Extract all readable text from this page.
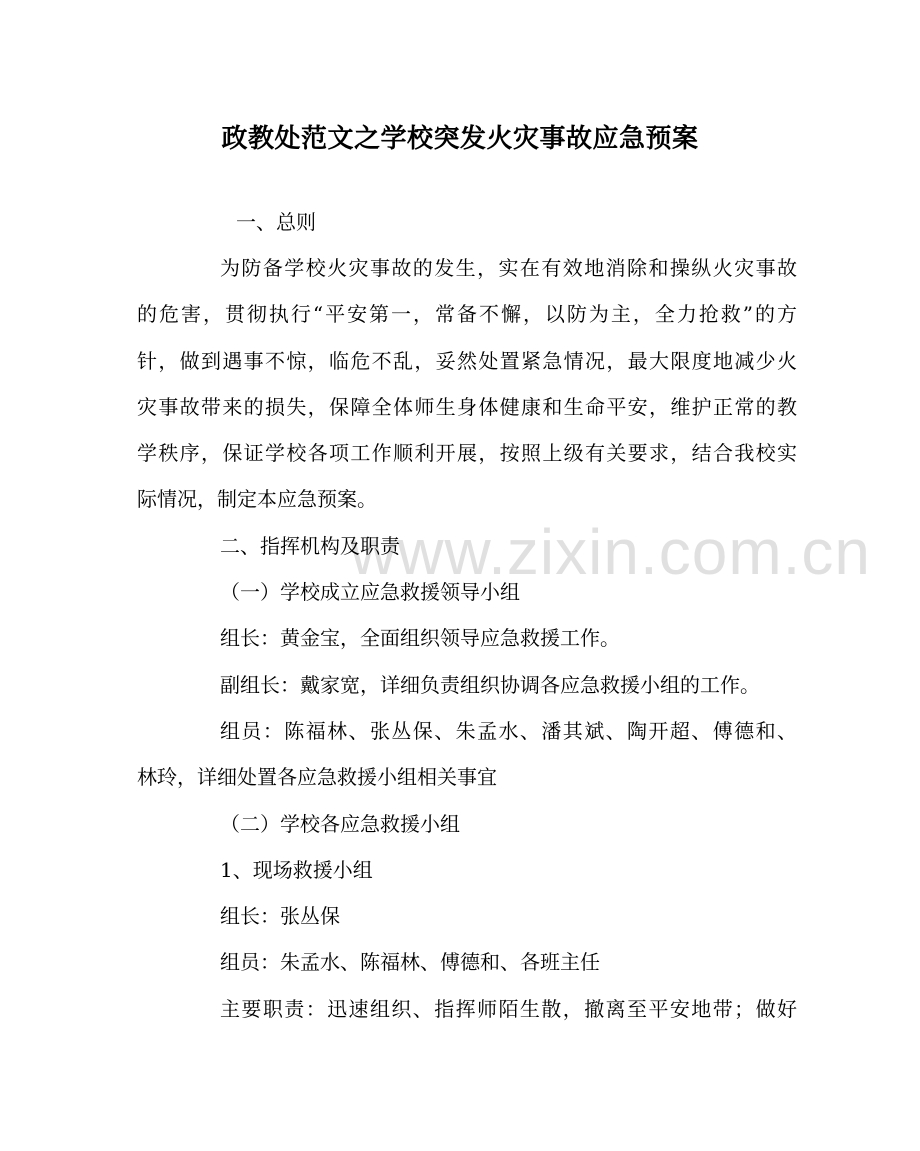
www.zixin.com.cn
政教处范文之学校突发火灾事故应急预案
一、总则
为防备学校火灾事故的发生，实在有效地消除和操纵火灾事故
的危害，贯彻执行“平安第一，常备不懈，以防为主，全力抢救”的方
针，做到遇事不惊，临危不乱，妥然处置紧急情况，最大限度地减少火
灾事故带来的损失，保障全体师生身体健康和生命平安，维护正常的教
学秩序，保证学校各项工作顺利开展，按照上级有关要求，结合我校实
际情况，制定本应急预案。
二、指挥机构及职责
（一）学校成立应急救援领导小组
组长：黄金宝，全面组织领导应急救援工作。
副组长：戴家宽，详细负责组织协调各应急救援小组的工作。
组员：陈福林、张丛保、朱孟水、潘其斌、陶开超、傅德和、
林玲，详细处置各应急救援小组相关事宜
（二）学校各应急救援小组
1、现场救援小组
组长：张丛保
组员：朱孟水、陈福林、傅德和、各班主任
主要职责：迅速组织、指挥师陌生散，撤离至平安地带；做好
